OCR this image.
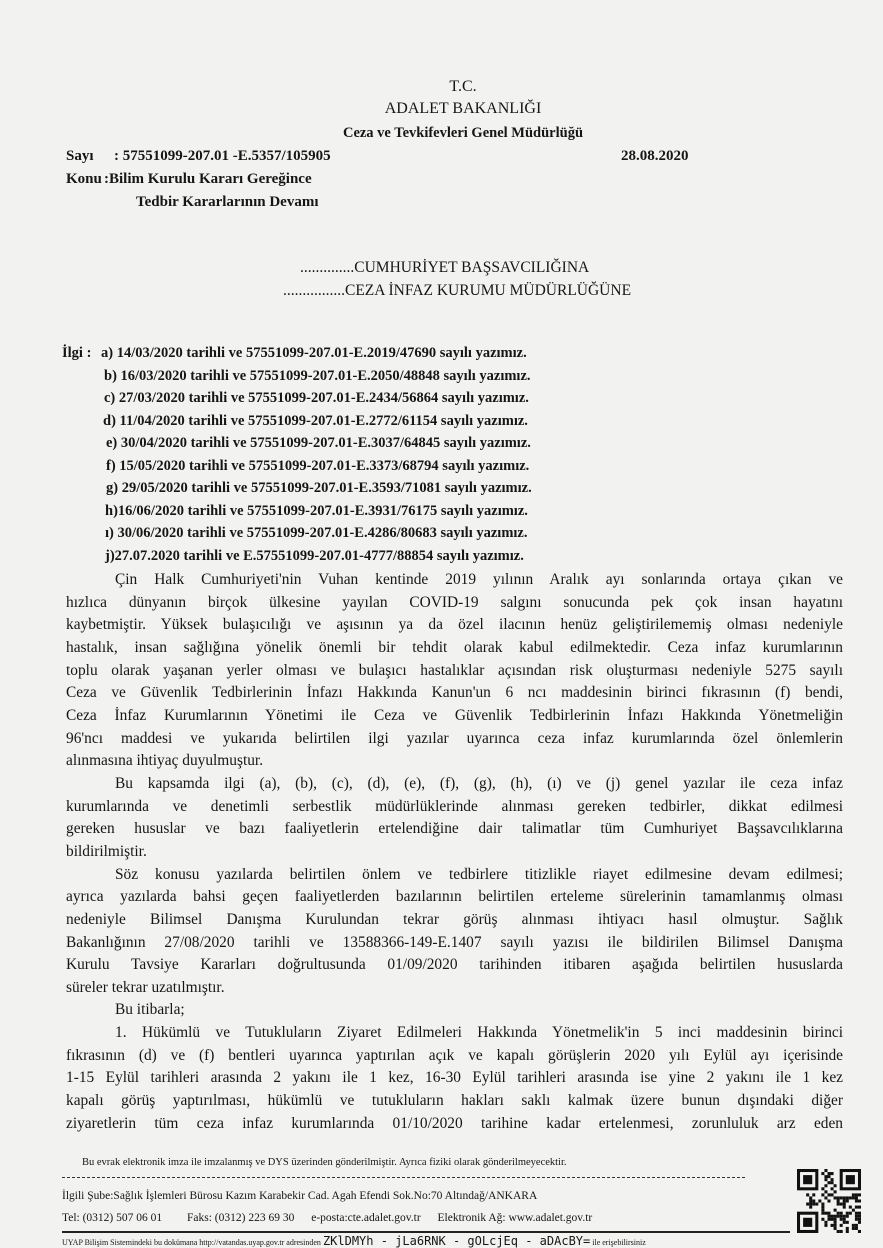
T.C.
ADALET BAKANLIĞI
Ceza ve Tevkifevleri Genel Müdürlüğü
Sayı : 57551099-207.01 -E.5357/105905	28.08.2020
Konu :Bilim Kurulu Kararı Gereğince
Tedbir Kararlarının Devamı
..............CUMHURİYET BAŞSAVCILIĞINA
................CEZA İNFAZ KURUMU MÜDÜRLÜĞÜNE
İlgi : a) 14/03/2020 tarihli ve 57551099-207.01-E.2019/47690 sayılı yazımız.
b) 16/03/2020 tarihli ve 57551099-207.01-E.2050/48848 sayılı yazımız.
c) 27/03/2020 tarihli ve 57551099-207.01-E.2434/56864 sayılı yazımız.
d) 11/04/2020 tarihli ve 57551099-207.01-E.2772/61154 sayılı yazımız.
e) 30/04/2020 tarihli ve 57551099-207.01-E.3037/64845 sayılı yazımız.
f) 15/05/2020 tarihli ve 57551099-207.01-E.3373/68794 sayılı yazımız.
g) 29/05/2020 tarihli ve 57551099-207.01-E.3593/71081 sayılı yazımız.
h)16/06/2020 tarihli ve 57551099-207.01-E.3931/76175 sayılı yazımız.
ı) 30/06/2020 tarihli ve 57551099-207.01-E.4286/80683 sayılı yazımız.
j)27.07.2020 tarihli ve E.57551099-207.01-4777/88854 sayılı yazımız.
Çin Halk Cumhuriyeti'nin Vuhan kentinde 2019 yılının Aralık ayı sonlarında ortaya çıkan ve
hızlıca dünyanın birçok ülkesine yayılan COVID-19 salgını sonucunda pek çok insan hayatını
kaybetmiştir. Yüksek bulaşıcılığı ve aşısının ya da özel ilacının henüz geliştirilememiş olması nedeniyle
hastalık, insan sağlığına yönelik önemli bir tehdit olarak kabul edilmektedir. Ceza infaz kurumlarının
toplu olarak yaşanan yerler olması ve bulaşıcı hastalıklar açısından risk oluşturması nedeniyle 5275 sayılı
Ceza ve Güvenlik Tedbirlerinin İnfazı Hakkında Kanun'un 6 ncı maddesinin birinci fıkrasının (f) bendi,
Ceza İnfaz Kurumlarının Yönetimi ile Ceza ve Güvenlik Tedbirlerinin İnfazı Hakkında Yönetmeliğin
96'ncı maddesi ve yukarıda belirtilen ilgi yazılar uyarınca ceza infaz kurumlarında özel önlemlerin
alınmasına ihtiyaç duyulmuştur.
Bu kapsamda ilgi (a), (b), (c), (d), (e), (f), (g), (h), (ı) ve (j) genel yazılar ile ceza infaz
kurumlarında ve denetimli serbestlik müdürlüklerinde alınması gereken tedbirler, dikkat edilmesi
gereken hususlar ve bazı faaliyetlerin ertelendiğine dair talimatlar tüm Cumhuriyet Başsavcılıklarına
bildirilmiştir.
Söz konusu yazılarda belirtilen önlem ve tedbirlere titizlikle riayet edilmesine devam edilmesi;
ayrıca yazılarda bahsi geçen faaliyetlerden bazılarının belirtilen erteleme sürelerinin tamamlanmış olması
nedeniyle Bilimsel Danışma Kurulundan tekrar görüş alınması ihtiyacı hasıl olmuştur. Sağlık
Bakanlığının 27/08/2020 tarihli ve 13588366-149-E.1407 sayılı yazısı ile bildirilen Bilimsel Danışma
Kurulu Tavsiye Kararları doğrultusunda 01/09/2020 tarihinden itibaren aşağıda belirtilen hususlarda
süreler tekrar uzatılmıştır.
Bu itibarla;
1. Hükümlü ve Tutukluların Ziyaret Edilmeleri Hakkında Yönetmelik'in 5 inci maddesinin birinci
fıkrasının (d) ve (f) bentleri uyarınca yaptırılan açık ve kapalı görüşlerin 2020 yılı Eylül ayı içerisinde
1-15 Eylül tarihleri arasında 2 yakını ile 1 kez, 16-30 Eylül tarihleri arasında ise yine 2 yakını ile 1 kez
kapalı görüş yaptırılması, hükümlü ve tutukluların hakları saklı kalmak üzere bunun dışındaki diğer
ziyaretlerin tüm ceza infaz kurumlarında 01/10/2020 tarihine kadar ertelenmesi, zorunluluk arz eden
Bu evrak elektronik imza ile imzalanmış ve DYS üzerinden gönderilmiştir. Ayrıca fiziki olarak gönderilmeyecektir.
İlgili Şube:Sağlık İşlemleri Bürosu Kazım Karabekir Cad. Agah Efendi Sok.No:70 Altındağ/ANKARA
Tel: (0312) 507 06 01 Faks: (0312) 223 69 30 e-posta:cte.adalet.gov.tr Elektronik Ağ: www.adalet.gov.tr
UYAP Bilişim Sistemindeki bu dokümana http://vatandas.uyap.gov.tr adresinden ZKlDMYh - jLa6RNK - gOLcjEq - aDAcBY= ile erişebilirsiniz
